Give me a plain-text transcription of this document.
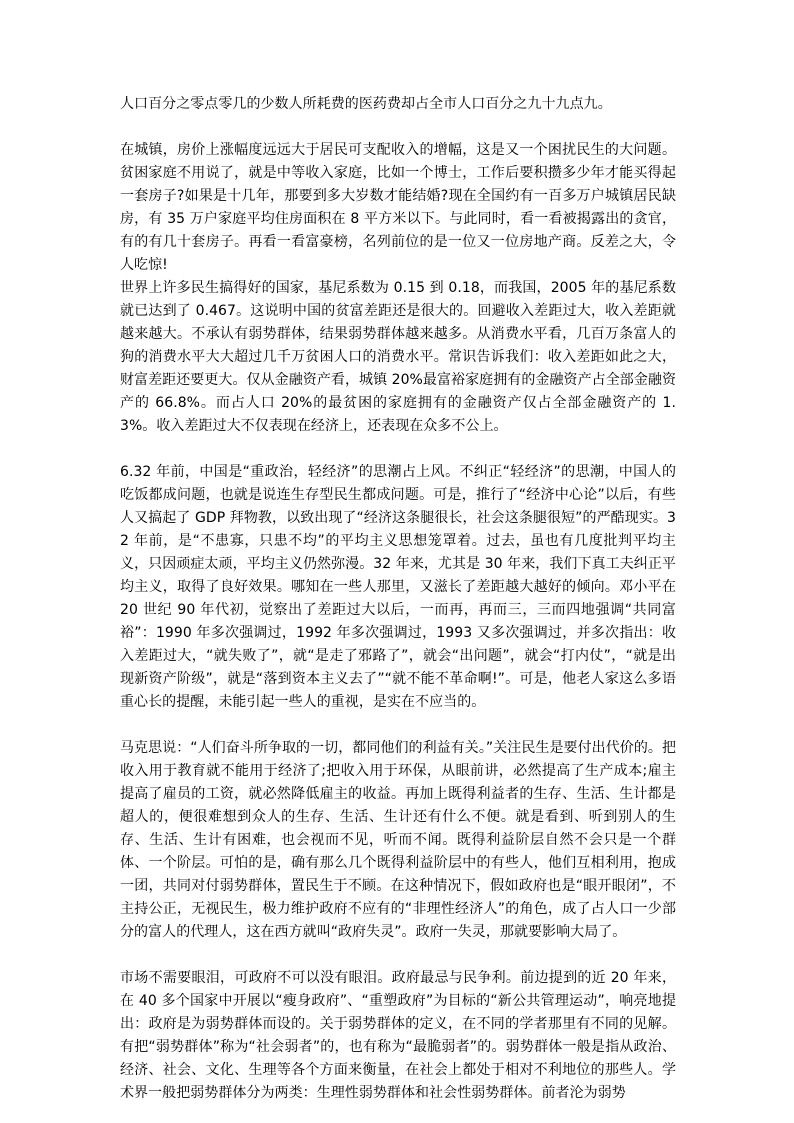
人口百分之零点零几的少数人所耗费的医药费却占全市人口百分之九十九点九。

在城镇，房价上涨幅度远远大于居民可支配收入的增幅，这是又一个困扰民生的大问题。贫困家庭不用说了，就是中等收入家庭，比如一个博士，工作后要积攒多少年才能买得起一套房子?如果是十几年，那要到多大岁数才能结婚?现在全国约有一百多万户城镇居民缺房，有 35 万户家庭平均住房面积在 8 平方米以下。与此同时，看一看被揭露出的贪官，有的有几十套房子。再看一看富豪榜，名列前位的是一位又一位房地产商。反差之大，令人吃惊!

世界上许多民生搞得好的国家，基尼系数为 0.15 到 0.18，而我国，2005 年的基尼系数就已达到了 0.467。这说明中国的贫富差距还是很大的。回避收入差距过大，收入差距就越来越大。不承认有弱势群体，结果弱势群体越来越多。从消费水平看，几百万条富人的狗的消费水平大大超过几千万贫困人口的消费水平。常识告诉我们：收入差距如此之大，财富差距还要更大。仅从金融资产看，城镇 20%最富裕家庭拥有的金融资产占全部金融资产的 66.8%。而占人口 20%的最贫困的家庭拥有的金融资产仅占全部金融资产的 1.3%。收入差距过大不仅表现在经济上，还表现在众多不公上。

6.32 年前，中国是“重政治，轻经济”的思潮占上风。不纠正“轻经济”的思潮，中国人的吃饭都成问题，也就是说连生存型民生都成问题。可是，推行了“经济中心论”以后，有些人又搞起了 GDP 拜物教，以致出现了“经济这条腿很长，社会这条腿很短”的严酷现实。32 年前，是“不患寡，只患不均”的平均主义思想笼罩着。过去，虽也有几度批判平均主义，只因顽症太顽，平均主义仍然弥漫。32 年来，尤其是 30 年来，我们下真工夫纠正平均主义，取得了良好效果。哪知在一些人那里，又滋长了差距越大越好的倾向。邓小平在 20 世纪 90 年代初，觉察出了差距过大以后，一而再，再而三，三而四地强调“共同富裕”：1990 年多次强调过，1992 年多次强调过，1993 又多次强调过，并多次指出：收入差距过大，“就失败了”，就“是走了邪路了”，就会“出问题”，就会“打内仗”，“就是出现新资产阶级”，就是“落到资本主义去了”“就不能不革命啊!”。可是，他老人家这么多语重心长的提醒，未能引起一些人的重视，是实在不应当的。

马克思说：“人们奋斗所争取的一切，都同他们的利益有关。”关注民生是要付出代价的。把收入用于教育就不能用于经济了;把收入用于环保，从眼前讲，必然提高了生产成本;雇主提高了雇员的工资，就必然降低雇主的收益。再加上既得利益者的生存、生活、生计都是超人的，便很难想到众人的生存、生活、生计还有什么不便。就是看到、听到别人的生存、生活、生计有困难，也会视而不见，听而不闻。既得利益阶层自然不会只是一个群体、一个阶层。可怕的是，确有那么几个既得利益阶层中的有些人，他们互相利用，抱成一团，共同对付弱势群体，置民生于不顾。在这种情况下，假如政府也是“眼开眼闭”，不主持公正，无视民生，极力维护政府不应有的“非理性经济人”的角色，成了占人口一少部分的富人的代理人，这在西方就叫“政府失灵”。政府一失灵，那就要影响大局了。

市场不需要眼泪，可政府不可以没有眼泪。政府最忌与民争利。前边提到的近 20 年来，在 40 多个国家中开展以“瘦身政府”、“重塑政府”为目标的“新公共管理运动”，响亮地提出：政府是为弱势群体而设的。关于弱势群体的定义，在不同的学者那里有不同的见解。有把“弱势群体”称为“社会弱者”的，也有称为“最脆弱者”的。弱势群体一般是指从政治、经济、社会、文化、生理等各个方面来衡量，在社会上都处于相对不利地位的那些人。学术界一般把弱势群体分为两类：生理性弱势群体和社会性弱势群体。前者沦为弱势
